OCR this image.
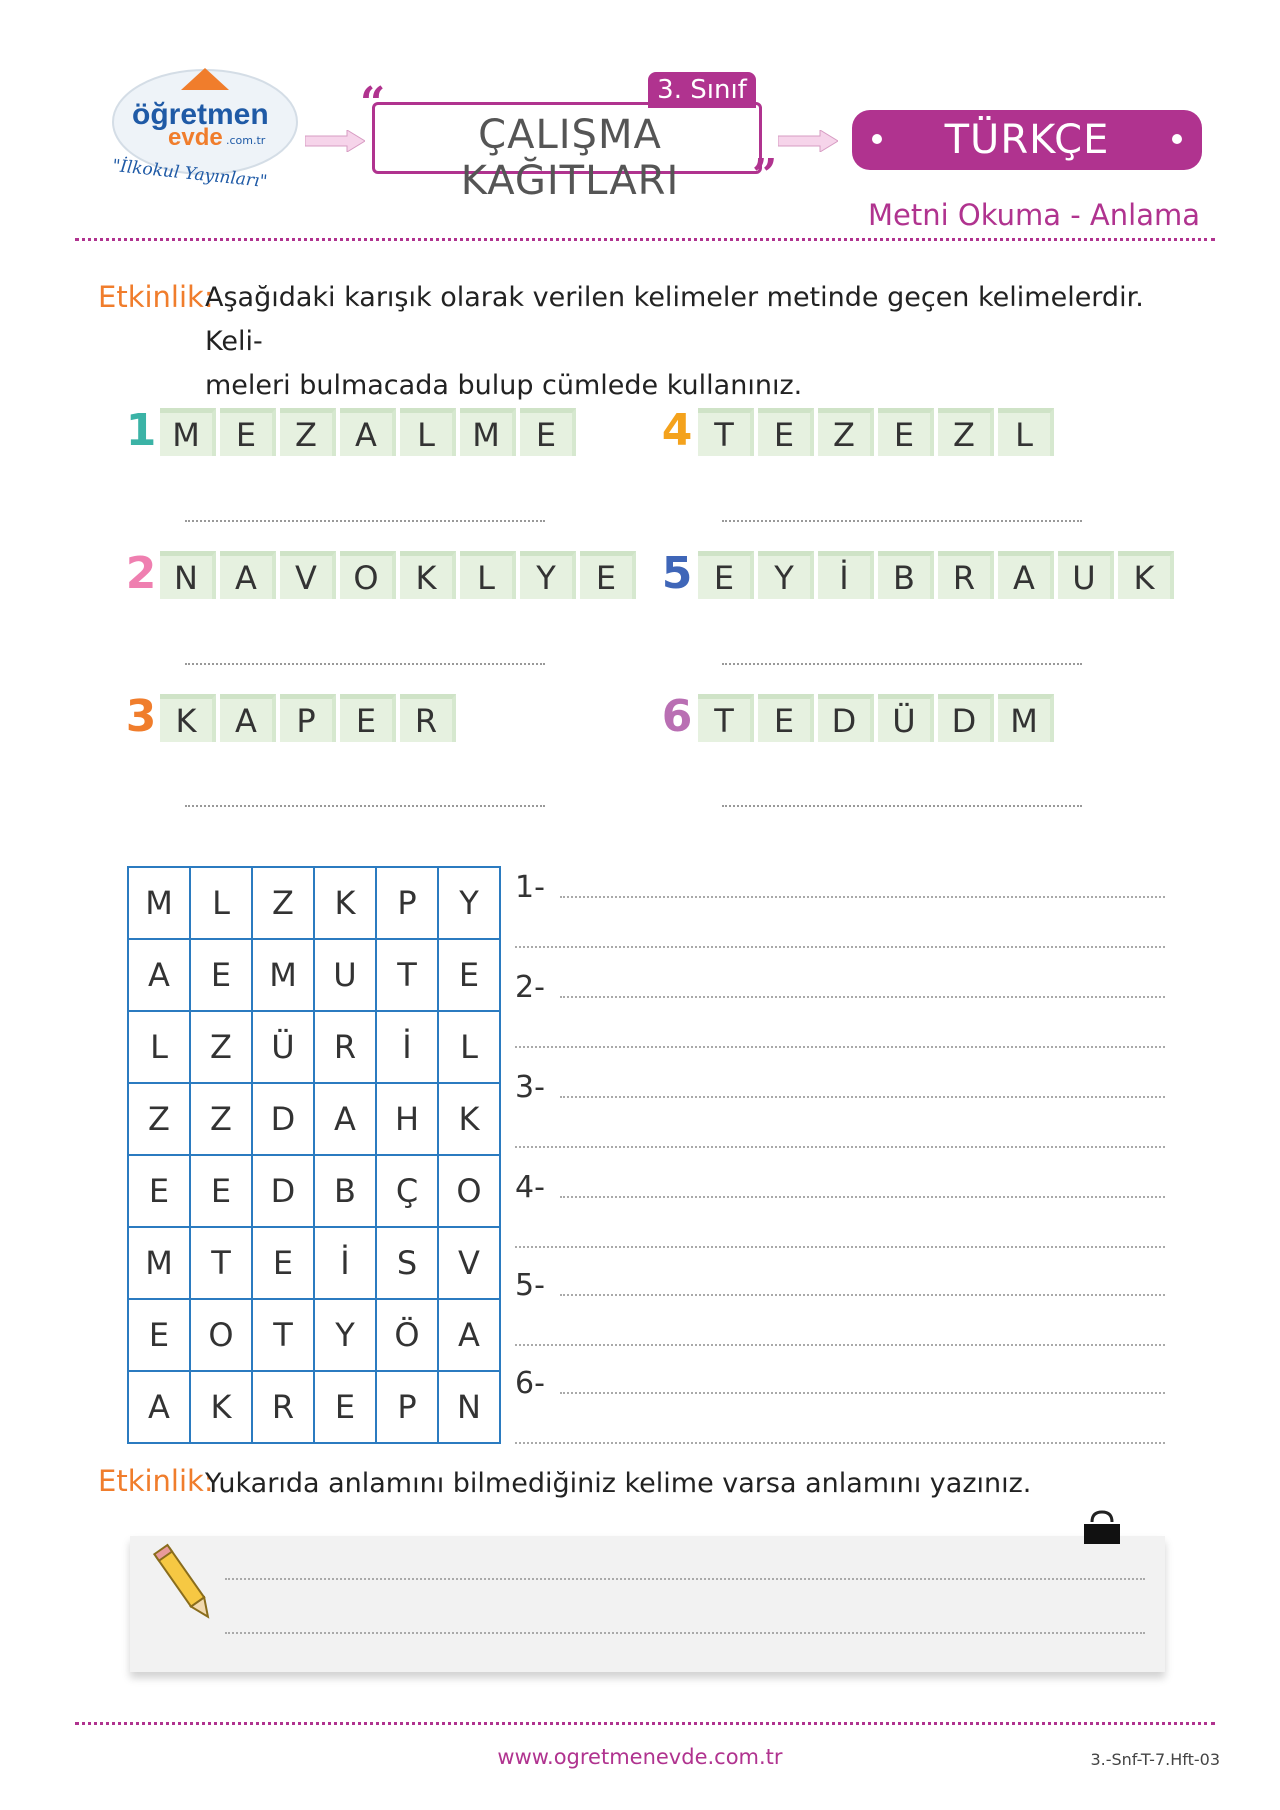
öğretmen
evde .com.tr
"İlkokul Yayınları"
3. Sınıf
“
ÇALIŞMA KAĞITLARI	”
TÜRKÇE
Metni Okuma - Anlama
Etkinlik:
Aşağıdaki karışık olarak verilen kelimeler metinde geçen kelimelerdir. Keli-
meleri bulmacada bulup cümlede kullanınız.
1 M	E	Z	A	L	M	E
2 N	A	V	O	K	L	Y	E
3 K	A	P	E	R
4 T	E	Z	E	Z	L
5 E	Y	İ	B	R	A	U	K
6 T	E	D	Ü	D	M
M	L	Z	K	P	Y
A	E	M	U	T	E
L	Z	Ü	R	İ	L
Z	Z	D	A	H	K
E	E	D	B	Ç	O
M	T	E	İ	S	V
E	O	T	Y	Ö	A
A	K	R	E	P	N
1-
2-
3-
4-
5-
6-
Etkinlik:
Yukarıda anlamını bilmediğiniz kelime varsa anlamını yazınız.
www.ogretmenevde.com.tr	3.-Snf-T-7.Hft-03
